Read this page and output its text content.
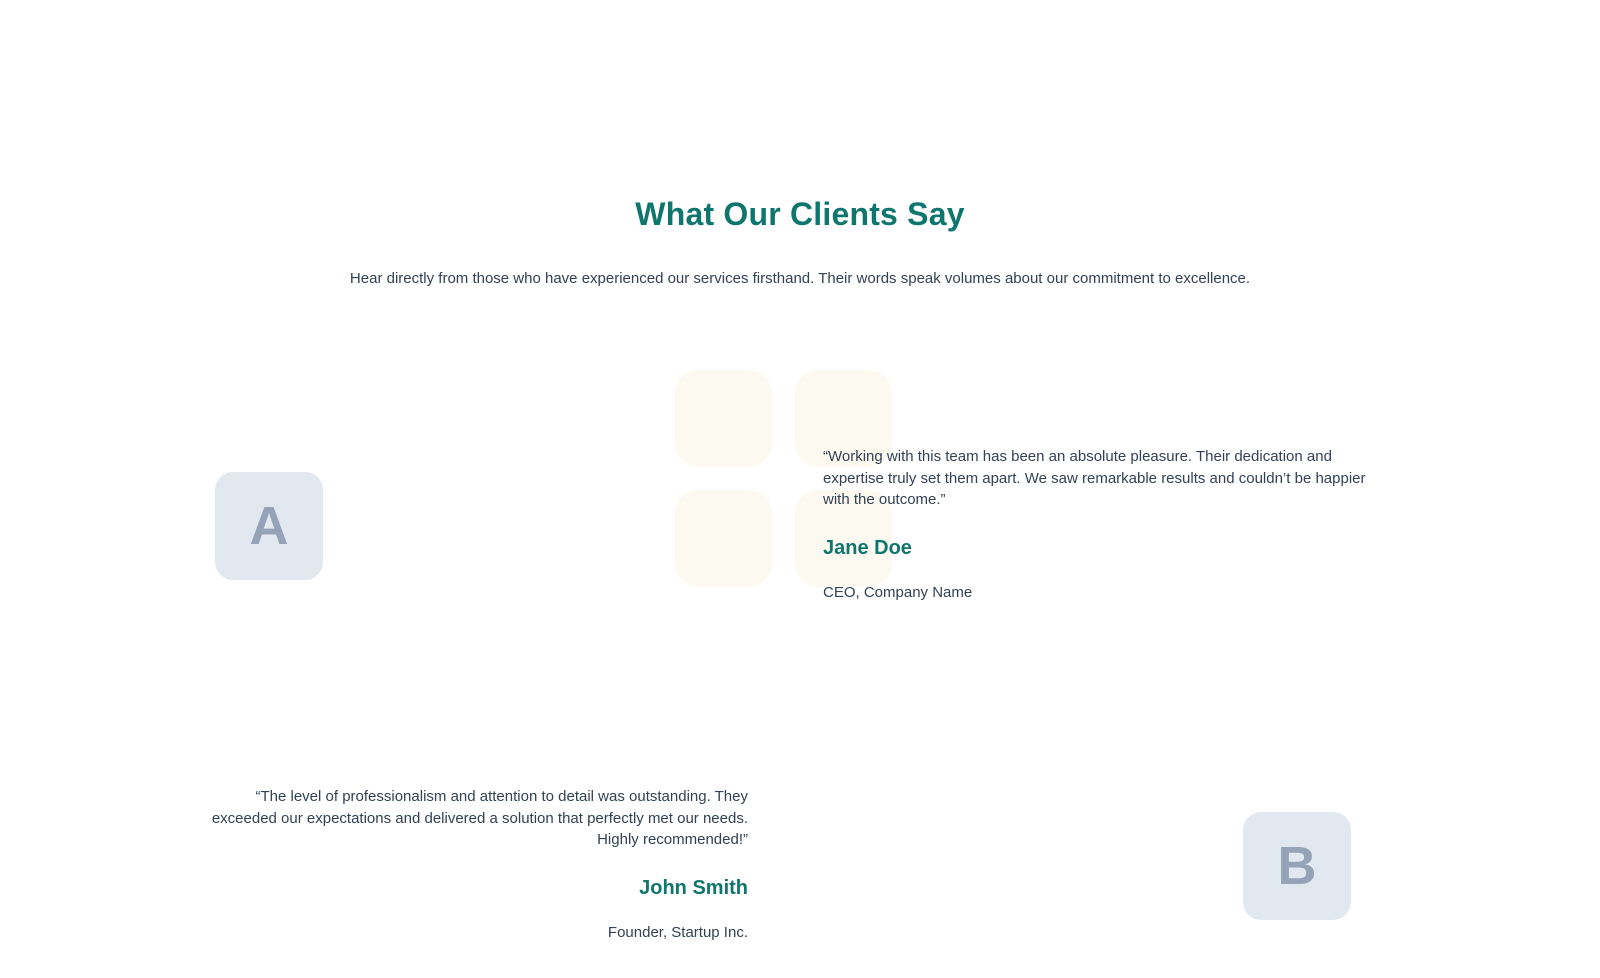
What Our Clients Say

Hear directly from those who have experienced our services firsthand. Their words speak volumes about our commitment to excellence.

A

“Working with this team has been an absolute pleasure. Their dedication and expertise truly set them apart. We saw remarkable results and couldn’t be happier with the outcome.”

Jane Doe
CEO, Company Name

“The level of professionalism and attention to detail was outstanding. They exceeded our expectations and delivered a solution that perfectly met our needs. Highly recommended!”

John Smith
Founder, Startup Inc.
B
